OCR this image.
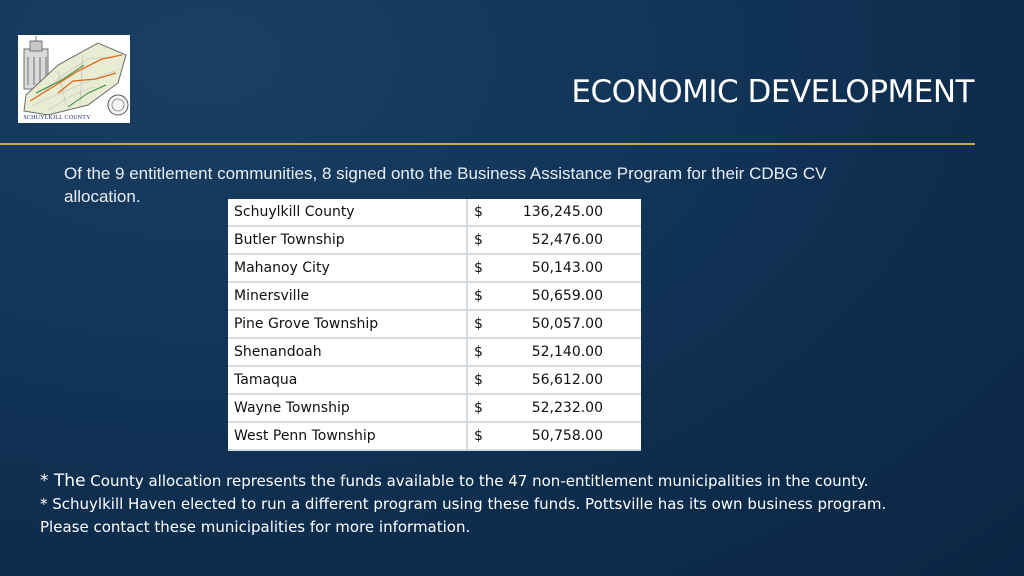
SCHUYLKILL COUNTY
ECONOMIC DEVELOPMENT
Of the 9 entitlement communities, 8 signed onto the Business Assistance Program for their CDBG CV allocation.
Schuylkill County	$	136,245.00
Butler Township	$	52,476.00
Mahanoy City	$	50,143.00
Minersville	$	50,659.00
Pine Grove Township	$	50,057.00
Shenandoah	$	52,140.00
Tamaqua	$	56,612.00
Wayne Township	$	52,232.00
West Penn Township	$	50,758.00
* The County allocation represents the funds available to the 47 non-entitlement municipalities in the county.
* Schuylkill Haven elected to run a different program using these funds. Pottsville has its own business program. Please contact these municipalities for more information.
